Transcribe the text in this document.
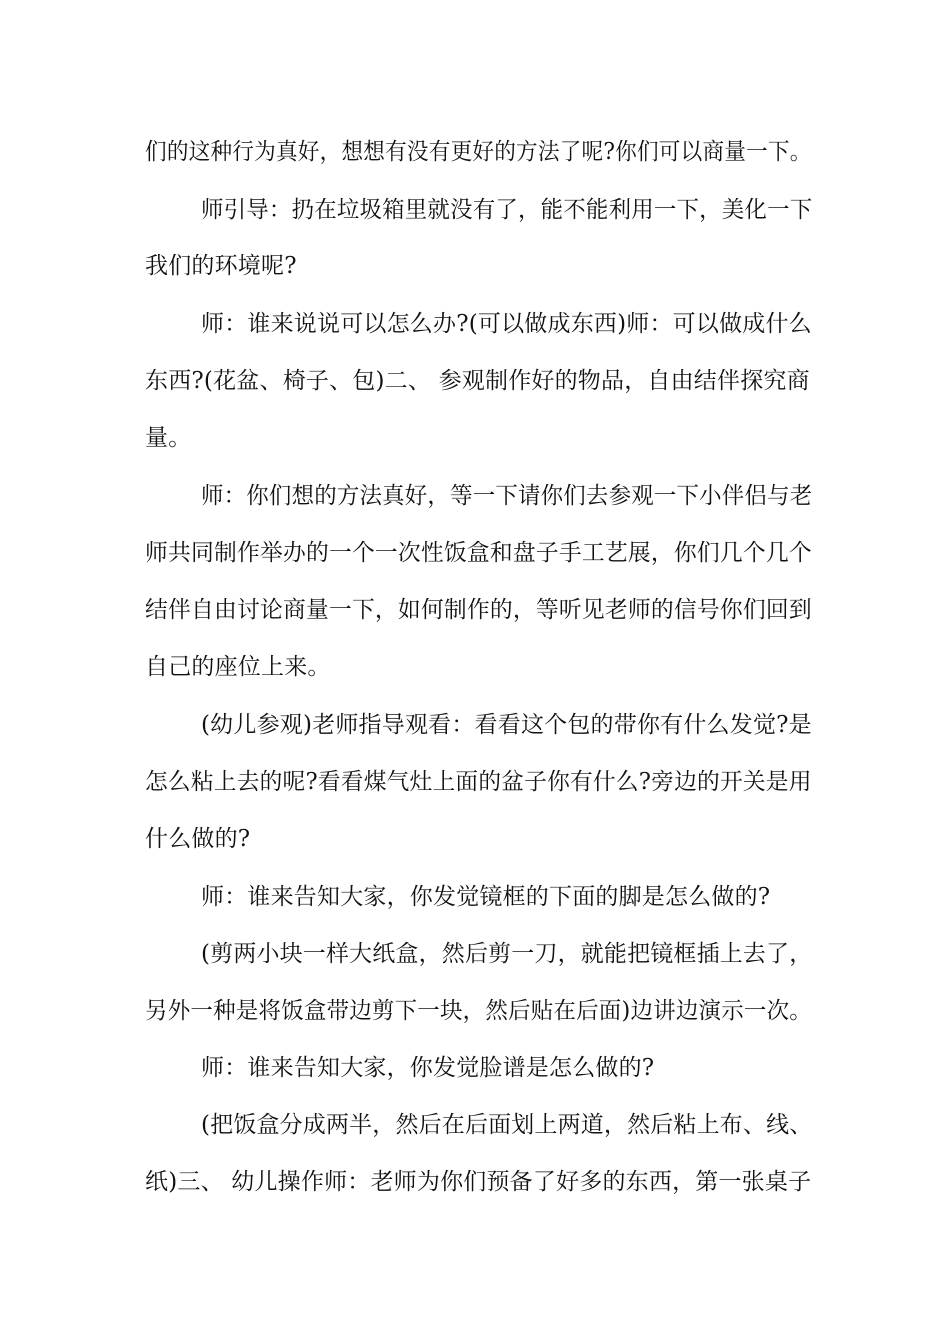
们的这种行为真好，想想有没有更好的方法了呢?你们可以商量一下。
师引导：扔在垃圾箱里就没有了，能不能利用一下，美化一下
我们的环境呢?
师：谁来说说可以怎么办?(可以做成东西)师：可以做成什么
东西?(花盆、椅子、包)二、 参观制作好的物品，自由结伴探究商
量。
师：你们想的方法真好，等一下请你们去参观一下小伴侣与老
师共同制作举办的一个一次性饭盒和盘子手工艺展，你们几个几个
结伴自由讨论商量一下，如何制作的，等听见老师的信号你们回到
自己的座位上来。
(幼儿参观)老师指导观看：看看这个包的带你有什么发觉?是
怎么粘上去的呢?看看煤气灶上面的盆子你有什么?旁边的开关是用
什么做的?
师：谁来告知大家，你发觉镜框的下面的脚是怎么做的?
(剪两小块一样大纸盒，然后剪一刀，就能把镜框插上去了，
另外一种是将饭盒带边剪下一块，然后贴在后面)边讲边演示一次。
师：谁来告知大家，你发觉脸谱是怎么做的?
(把饭盒分成两半，然后在后面划上两道，然后粘上布、线、
纸)三、 幼儿操作师：老师为你们预备了好多的东西，第一张桌子
